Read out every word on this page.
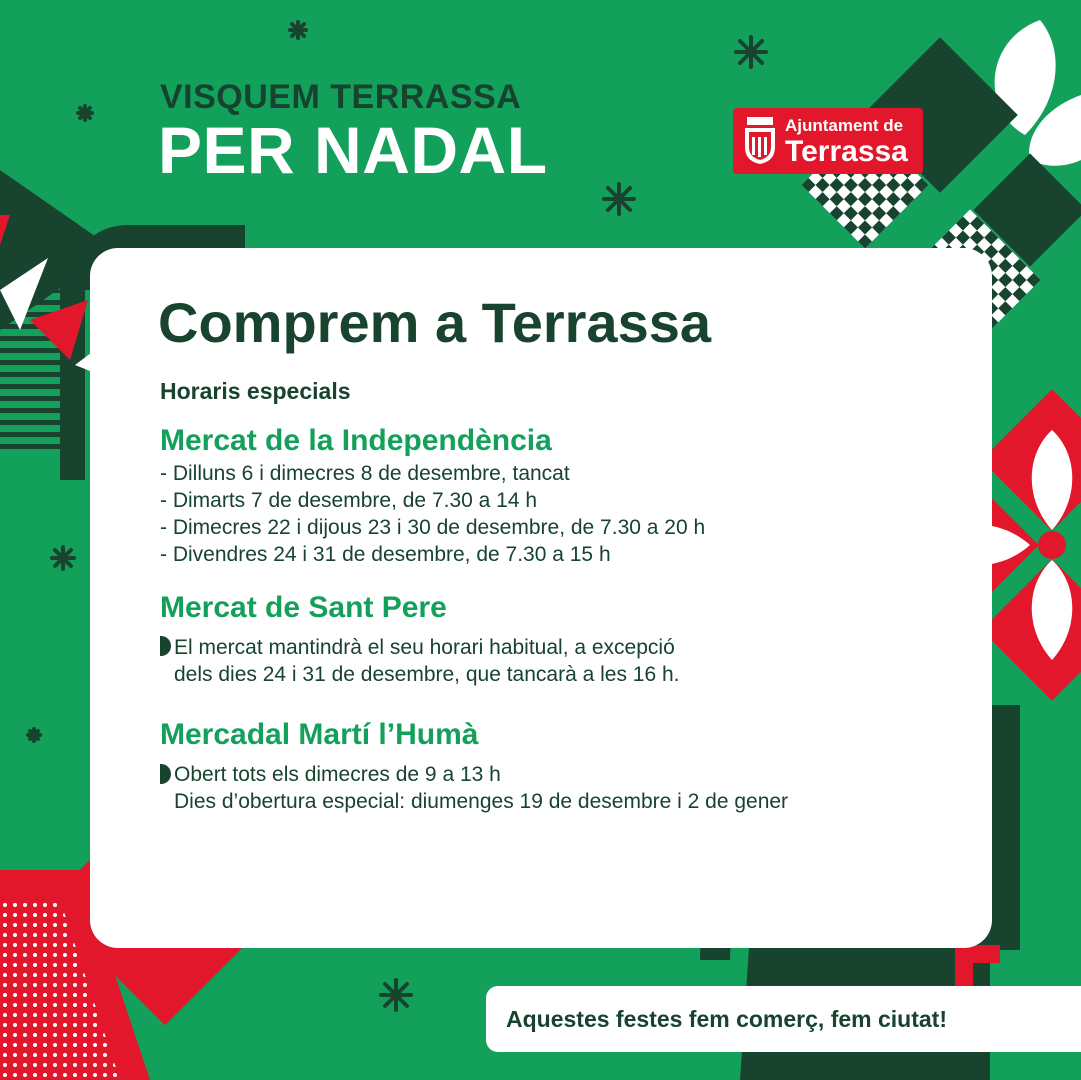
VISQUEM TERRASSA
PER NADAL	Ajuntament de
Terrassa
Comprem a Terrassa
Horaris especials
Mercat de la Independència
- Dilluns 6 i dimecres 8 de desembre, tancat
- Dimarts 7 de desembre, de 7.30 a 14 h
- Dimecres 22 i dijous 23 i 30 de desembre, de 7.30 a 20 h
- Divendres 24 i 31 de desembre, de 7.30 a 15 h
Mercat de Sant Pere
El mercat mantindrà el seu horari habitual, a excepció
dels dies 24 i 31 de desembre, que tancarà a les 16 h.
Mercadal Martí l’Humà
Obert tots els dimecres de 9 a 13 h
Dies d’obertura especial: diumenges 19 de desembre i 2 de gener
Aquestes festes fem comerç, fem ciutat!
